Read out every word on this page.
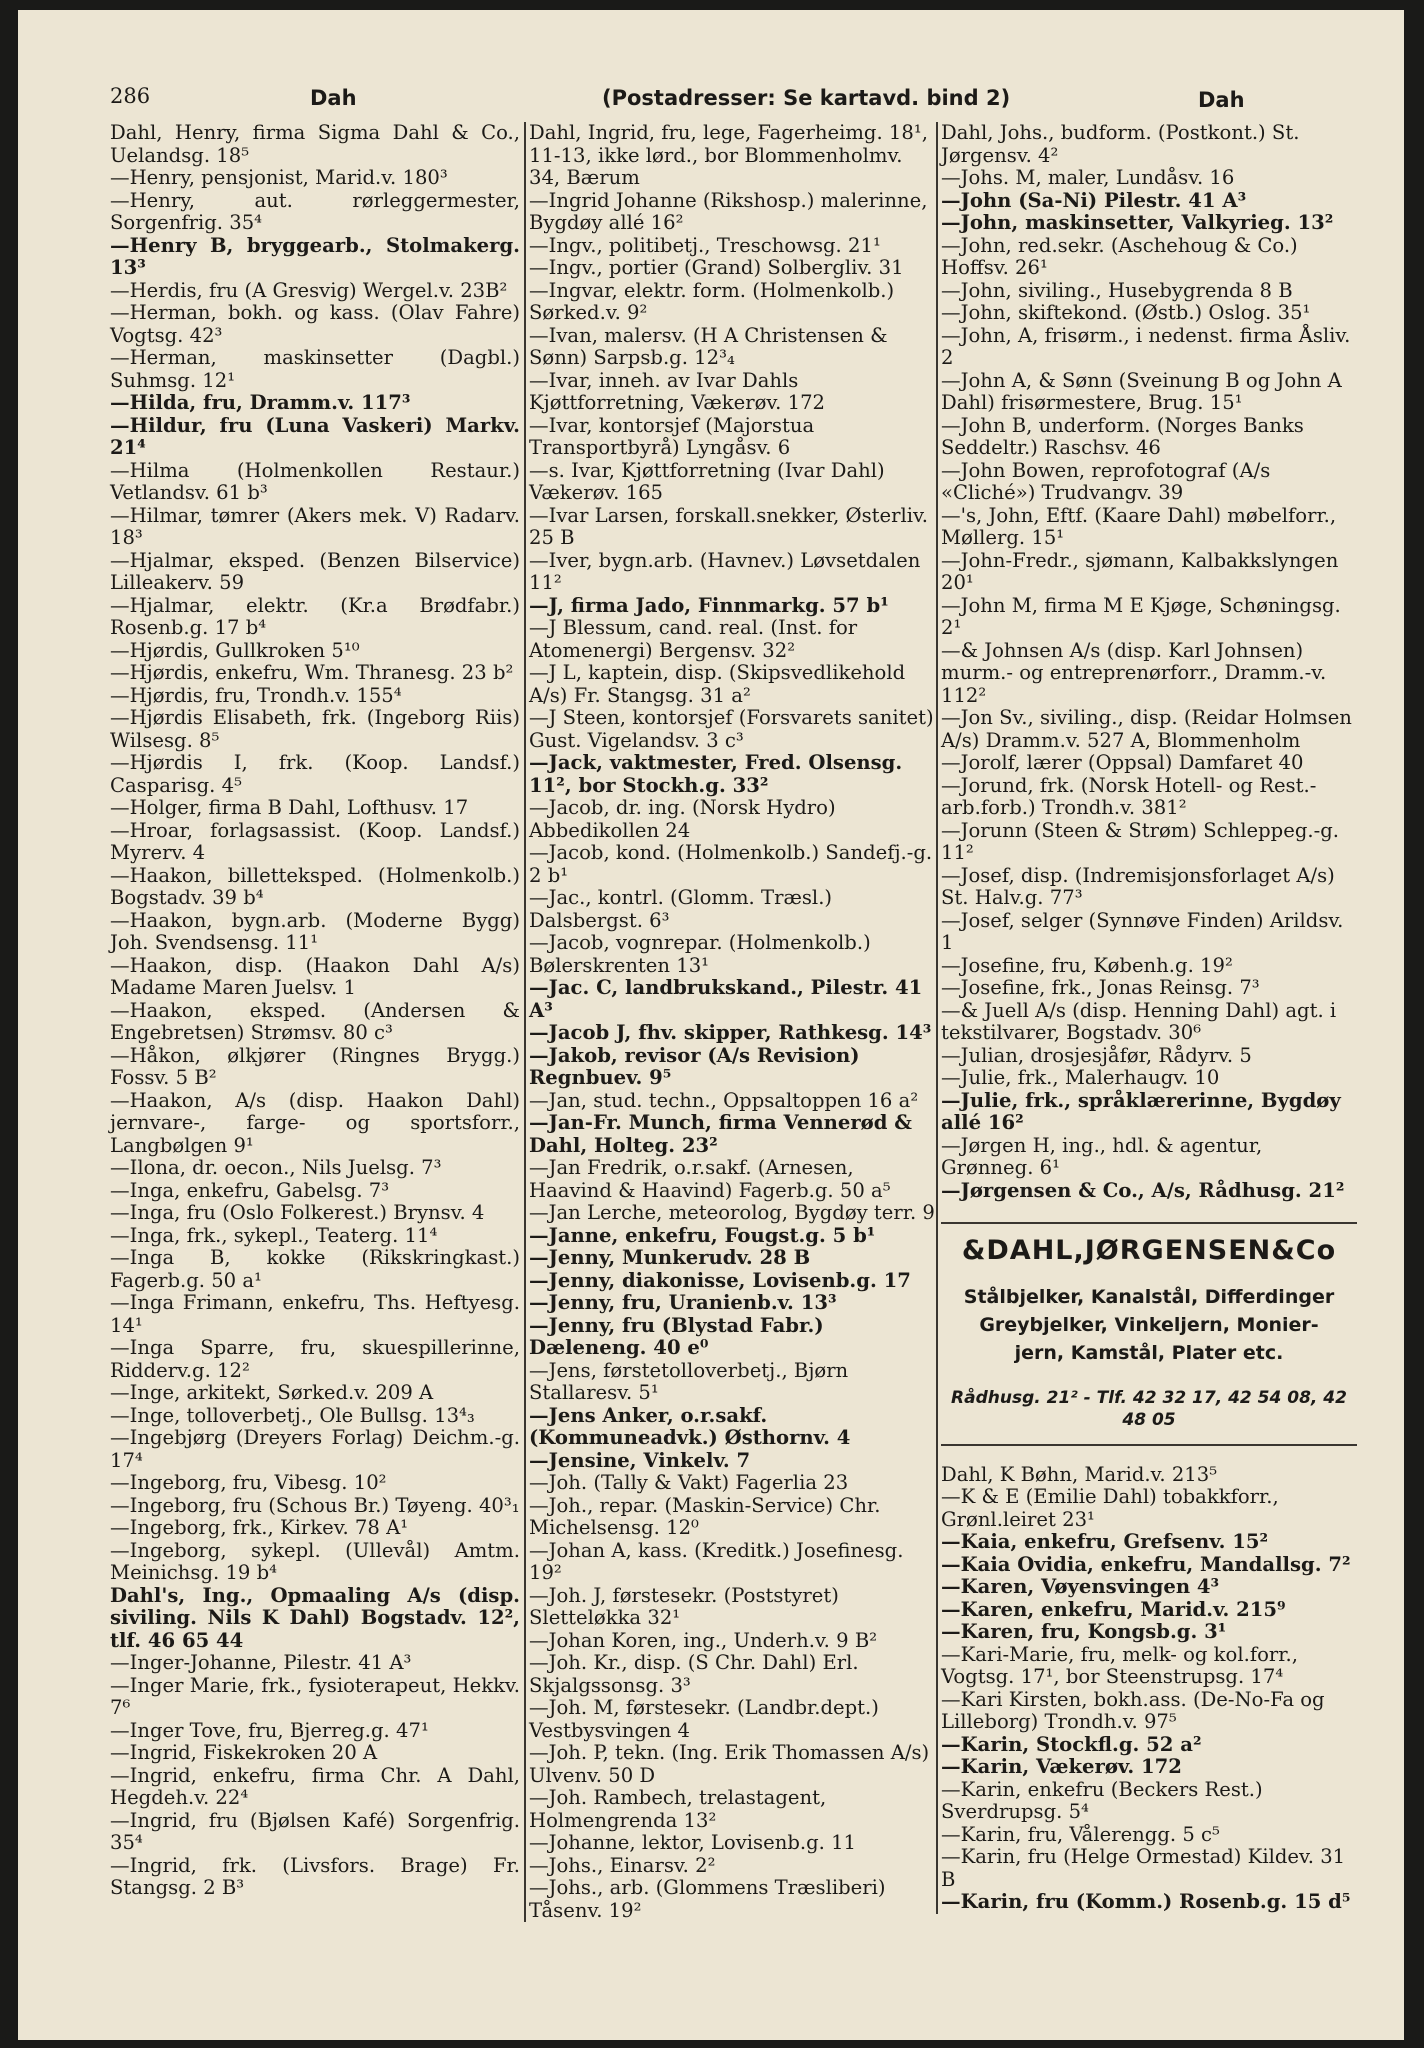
286	Dah	(Postadresser: Se kartavd. bind 2)	Dah

Dahl, Henry, firma Sigma Dahl & Co., Uelandsg. 18⁵

—Henry, pensjonist, Marid.v. 180³

—Henry, aut. rørleggermester, Sorgenfrig. 35⁴

—Henry B, bryggearb., Stolmakerg. 13³

—Herdis, fru (A Gresvig) Wergel.v. 23B²

—Herman, bokh. og kass. (Olav Fahre) Vogtsg. 42³

—Herman, maskinsetter (Dagbl.) Suhmsg. 12¹

—Hilda, fru, Dramm.v. 117³

—Hildur, fru (Luna Vaskeri) Markv. 21⁴

—Hilma (Holmenkollen Restaur.) Vetlandsv. 61 b³

—Hilmar, tømrer (Akers mek. V) Radarv. 18³

—Hjalmar, eksped. (Benzen Bilservice) Lilleakerv. 59

—Hjalmar, elektr. (Kr.a Brødfabr.) Rosenb.g. 17 b⁴

—Hjørdis, Gullkroken 5¹⁰

—Hjørdis, enkefru, Wm. Thranesg. 23 b²

—Hjørdis, fru, Trondh.v. 155⁴

—Hjørdis Elisabeth, frk. (Ingeborg Riis) Wilsesg. 8⁵

—Hjørdis I, frk. (Koop. Landsf.) Casparisg. 4⁵

—Holger, firma B Dahl, Lofthusv. 17

—Hroar, forlagsassist. (Koop. Landsf.) Myrerv. 4

—Haakon, billetteksped. (Holmenkolb.) Bogstadv. 39 b⁴

—Haakon, bygn.arb. (Moderne Bygg) Joh. Svendsensg. 11¹

—Haakon, disp. (Haakon Dahl A/s) Madame Maren Juelsv. 1

—Haakon, eksped. (Andersen & Engebretsen) Strømsv. 80 c³

—Håkon, ølkjører (Ringnes Brygg.) Fossv. 5 B²

—Haakon, A/s (disp. Haakon Dahl) jernvare-, farge- og sportsforr., Langbølgen 9¹

—Ilona, dr. oecon., Nils Juelsg. 7³

—Inga, enkefru, Gabelsg. 7³

—Inga, fru (Oslo Folkerest.) Brynsv. 4

—Inga, frk., sykepl., Teaterg. 11⁴

—Inga B, kokke (Rikskringkast.) Fagerb.g. 50 a¹

—Inga Frimann, enkefru, Ths. Heftyesg. 14¹

—Inga Sparre, fru, skuespillerinne, Ridderv.g. 12²

—Inge, arkitekt, Sørked.v. 209 A

—Inge, tolloverbetj., Ole Bullsg. 13⁴₃

—Ingebjørg (Dreyers Forlag) Deichm.-g. 17⁴

—Ingeborg, fru, Vibesg. 10²

—Ingeborg, fru (Schous Br.) Tøyeng. 40³₁

—Ingeborg, frk., Kirkev. 78 A¹

—Ingeborg, sykepl. (Ullevål) Amtm. Meinichsg. 19 b⁴

Dahl's, Ing., Opmaaling A/s (disp. siviling. Nils K Dahl) Bogstadv. 12², tlf. 46 65 44

—Inger-Johanne, Pilestr. 41 A³

—Inger Marie, frk., fysioterapeut, Hekkv. 7⁶

—Inger Tove, fru, Bjerreg.g. 47¹

—Ingrid, Fiskekroken 20 A

—Ingrid, enkefru, firma Chr. A Dahl, Hegdeh.v. 22⁴

—Ingrid, fru (Bjølsen Kafé) Sorgenfrig. 35⁴

—Ingrid, frk. (Livsfors. Brage) Fr. Stangsg. 2 B³

Dahl, Ingrid, fru, lege, Fagerheimg. 18¹, 11-13, ikke lørd., bor Blommenholmv. 34, Bærum

—Ingrid Johanne (Rikshosp.) malerinne, Bygdøy allé 16²

—Ingv., politibetj., Treschowsg. 21¹

—Ingv., portier (Grand) Solbergliv. 31

—Ingvar, elektr. form. (Holmenkolb.) Sørked.v. 9²

—Ivan, malersv. (H A Christensen & Sønn) Sarpsb.g. 12³₄

—Ivar, inneh. av Ivar Dahls Kjøttforretning, Vækerøv. 172

—Ivar, kontorsjef (Majorstua Transportbyrå) Lyngåsv. 6

—s. Ivar, Kjøttforretning (Ivar Dahl) Vækerøv. 165

—Ivar Larsen, forskall.snekker, Østerliv. 25 B

—Iver, bygn.arb. (Havnev.) Løvsetdalen 11²

—J, firma Jado, Finnmarkg. 57 b¹

—J Blessum, cand. real. (Inst. for Atomenergi) Bergensv. 32²

—J L, kaptein, disp. (Skipsvedlikehold A/s) Fr. Stangsg. 31 a²

—J Steen, kontorsjef (Forsvarets sanitet) Gust. Vigelandsv. 3 c³

—Jack, vaktmester, Fred. Olsensg. 11², bor Stockh.g. 33²

—Jacob, dr. ing. (Norsk Hydro) Abbedikollen 24

—Jacob, kond. (Holmenkolb.) Sandefj.-g. 2 b¹

—Jac., kontrl. (Glomm. Træsl.) Dalsbergst. 6³

—Jacob, vognrepar. (Holmenkolb.) Bølerskrenten 13¹

—Jac. C, landbrukskand., Pilestr. 41 A³

—Jacob J, fhv. skipper, Rathkesg. 14³

—Jakob, revisor (A/s Revision) Regnbuev. 9⁵

—Jan, stud. techn., Oppsaltoppen 16 a²

—Jan-Fr. Munch, firma Vennerød & Dahl, Holteg. 23²

—Jan Fredrik, o.r.sakf. (Arnesen, Haavind & Haavind) Fagerb.g. 50 a⁵

—Jan Lerche, meteorolog, Bygdøy terr. 9

—Janne, enkefru, Fougst.g. 5 b¹

—Jenny, Munkerudv. 28 B

—Jenny, diakonisse, Lovisenb.g. 17

—Jenny, fru, Uranienb.v. 13³

—Jenny, fru (Blystad Fabr.) Dæleneng. 40 e⁰

—Jens, førstetolloverbetj., Bjørn Stallaresv. 5¹

—Jens Anker, o.r.sakf. (Kommuneadvk.) Østhornv. 4

—Jensine, Vinkelv. 7

—Joh. (Tally & Vakt) Fagerlia 23

—Joh., repar. (Maskin-Service) Chr. Michelsensg. 12⁰

—Johan A, kass. (Kreditk.) Josefinesg. 19²

—Joh. J, førstesekr. (Poststyret) Sletteløkka 32¹

—Johan Koren, ing., Underh.v. 9 B²

—Joh. Kr., disp. (S Chr. Dahl) Erl. Skjalgssonsg. 3³

—Joh. M, førstesekr. (Landbr.dept.) Vestbysvingen 4

—Joh. P, tekn. (Ing. Erik Thomassen A/s) Ulvenv. 50 D

—Joh. Rambech, trelastagent, Holmengrenda 13²

—Johanne, lektor, Lovisenb.g. 11

—Johs., Einarsv. 2²

—Johs., arb. (Glommens Træsliberi) Tåsenv. 19²

Dahl, Johs., budform. (Postkont.) St. Jørgensv. 4²

—Johs. M, maler, Lundåsv. 16

—John (Sa-Ni) Pilestr. 41 A³

—John, maskinsetter, Valkyrieg. 13²

—John, red.sekr. (Aschehoug & Co.) Hoffsv. 26¹

—John, siviling., Husebygrenda 8 B

—John, skiftekond. (Østb.) Oslog. 35¹

—John, A, frisørm., i nedenst. firma Åsliv. 2

—John A, & Sønn (Sveinung B og John A Dahl) frisørmestere, Brug. 15¹

—John B, underform. (Norges Banks Seddeltr.) Raschsv. 46

—John Bowen, reprofotograf (A/s «Cliché») Trudvangv. 39

—'s, John, Eftf. (Kaare Dahl) møbelforr., Møllerg. 15¹

—John-Fredr., sjømann, Kalbakkslyngen 20¹

—John M, firma M E Kjøge, Schøningsg. 2¹

—& Johnsen A/s (disp. Karl Johnsen) murm.- og entreprenørforr., Dramm.-v. 112²

—Jon Sv., siviling., disp. (Reidar Holmsen A/s) Dramm.v. 527 A, Blommenholm

—Jorolf, lærer (Oppsal) Damfaret 40

—Jorund, frk. (Norsk Hotell- og Rest.-arb.forb.) Trondh.v. 381²

—Jorunn (Steen & Strøm) Schleppeg.-g. 11²

—Josef, disp. (Indremisjonsforlaget A/s) St. Halv.g. 77³

—Josef, selger (Synnøve Finden) Arildsv. 1

—Josefine, fru, Københ.g. 19²

—Josefine, frk., Jonas Reinsg. 7³

—& Juell A/s (disp. Henning Dahl) agt. i tekstilvarer, Bogstadv. 30⁶

—Julian, drosjesjåfør, Rådyrv. 5

—Julie, frk., Malerhaugv. 10

—Julie, frk., språklærerinne, Bygdøy allé 16²

—Jørgen H, ing., hdl. & agentur, Grønneg. 6¹

—Jørgensen & Co., A/s, Rådhusg. 21²

&DAHL,JØRGENSEN&Co
Stålbjelker, Kanalstål, Differdinger
Greybjelker, Vinkeljern, Monier-
jern, Kamstål, Plater etc.
Rådhusg. 21² - Tlf. 42 32 17, 42 54 08, 42 48 05

Dahl, K Bøhn, Marid.v. 213⁵

—K & E (Emilie Dahl) tobakkforr., Grønl.leiret 23¹

—Kaia, enkefru, Grefsenv. 15²

—Kaia Ovidia, enkefru, Mandallsg. 7²

—Karen, Vøyensvingen 4³

—Karen, enkefru, Marid.v. 215⁹

—Karen, fru, Kongsb.g. 3¹

—Kari-Marie, fru, melk- og kol.forr., Vogtsg. 17¹, bor Steenstrupsg. 17⁴

—Kari Kirsten, bokh.ass. (De-No-Fa og Lilleborg) Trondh.v. 97⁵

—Karin, Stockfl.g. 52 a²

—Karin, Vækerøv. 172

—Karin, enkefru (Beckers Rest.) Sverdrupsg. 5⁴

—Karin, fru, Vålerengg. 5 c⁵

—Karin, fru (Helge Ormestad) Kildev. 31 B

—Karin, fru (Komm.) Rosenb.g. 15 d⁵
